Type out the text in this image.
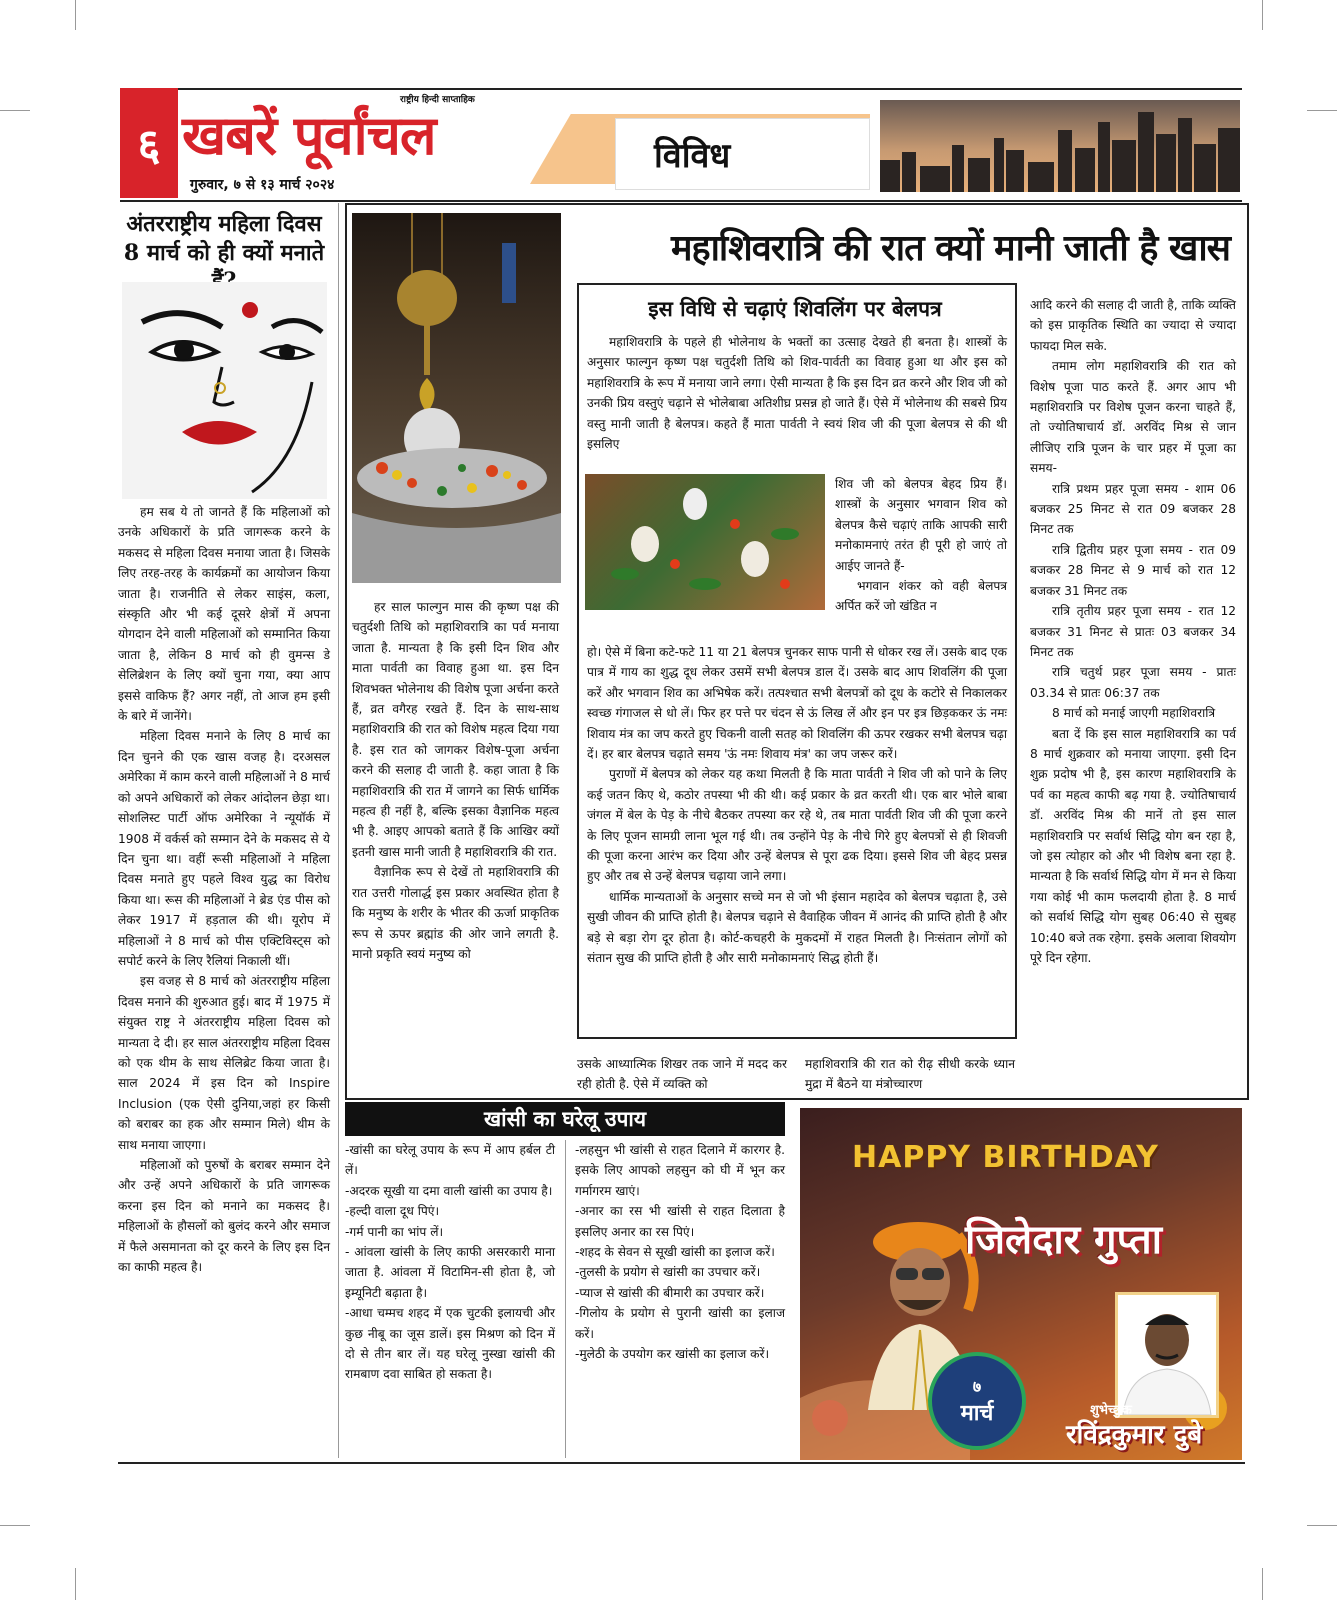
६ खबरें पूर्वांचल
राष्ट्रीय हिन्दी साप्ताहिक
गुरुवार, ७ से १३ मार्च २०२४
विविध
अंतरराष्ट्रीय महिला दिवस
8 मार्च को ही क्यों मनाते

हम सब ये तो जानते हैं कि महिलाओं को उनके अधिकारों के प्रति जागरूक करने के मकसद से महिला दिवस मनाया जाता है। जिसके लिए तरह-तरह के कार्यक्रमों का आयोजन किया जाता है। राजनीति से लेकर साइंस, कला, संस्कृति और भी कई दूसरे क्षेत्रों में अपना योगदान देने वाली महिलाओं को सम्मानित किया जाता है, लेकिन 8 मार्च को ही वुमन्स डे सेलिब्रेशन के लिए क्यों चुना गया, क्या आप इससे वाकिफ हैं? अगर नहीं, तो आज हम इसी के बारे में जानेंगे।

महिला दिवस मनाने के लिए 8 मार्च का दिन चुनने की एक खास वजह है। दरअसल अमेरिका में काम करने वाली महिलाओं ने 8 मार्च को अपने अधिकारों को लेकर आंदोलन छेड़ा था। सोशलिस्ट पार्टी ऑफ अमेरिका ने न्यूयॉर्क में 1908 में वर्कर्स को सम्मान देने के मकसद से ये दिन चुना था। वहीं रूसी महिलाओं ने महिला दिवस मनाते हुए पहले विश्व युद्ध का विरोध किया था। रूस की महिलाओं ने ब्रेड एंड पीस को लेकर 1917 में हड़ताल की थी। यूरोप में महिलाओं ने 8 मार्च को पीस एक्टिविस्ट्स को सपोर्ट करने के लिए रैलियां निकाली थीं।

इस वजह से 8 मार्च को अंतरराष्ट्रीय महिला दिवस मनाने की शुरुआत हुई। बाद में 1975 में संयुक्त राष्ट्र ने अंतरराष्ट्रीय महिला दिवस को मान्यता दे दी। हर साल अंतरराष्ट्रीय महिला दिवस को एक थीम के साथ सेलिब्रेट किया जाता है। साल 2024 में इस दिन को Inspire Inclusion (एक ऐसी दुनिया,जहां हर किसी को बराबर का हक और सम्मान मिले) थीम के साथ मनाया जाएगा।

महिलाओं को पुरुषों के बराबर सम्मान देने और उन्हें अपने अधिकारों के प्रति जागरूक करना इस दिन को मनाने का मकसद है। महिलाओं के हौसलों को बुलंद करने और समाज में फैले असमानता को दूर करने के लिए इस दिन का काफी महत्व है।

महाशिवरात्रि की रात क्यों मानी जाती है खास

हर साल फाल्गुन मास की कृष्ण पक्ष की चतुर्दशी तिथि को महाशिवरात्रि का पर्व मनाया जाता है. मान्यता है कि इसी दिन शिव और माता पार्वती का विवाह हुआ था. इस दिन शिवभक्त भोलेनाथ की विशेष पूजा अर्चना करते हैं, व्रत वगैरह रखते हैं. दिन के साथ-साथ महाशिवरात्रि की रात को विशेष महत्व दिया गया है. इस रात को जागकर विशेष-पूजा अर्चना करने की सलाह दी जाती है. कहा जाता है कि महाशिवरात्रि की रात में जागने का सिर्फ धार्मिक महत्व ही नहीं है, बल्कि इसका वैज्ञानिक महत्व भी है. आइए आपको बताते हैं कि आखिर क्यों इतनी खास मानी जाती है महाशिवरात्रि की रात.

वैज्ञानिक रूप से देखें तो महाशिवरात्रि की रात उत्तरी गोलार्द्ध इस प्रकार अवस्थित होता है कि मनुष्य के शरीर के भीतर की ऊर्जा प्राकृतिक रूप से ऊपर ब्रह्मांड की ओर जाने लगती है. मानो प्रकृति स्वयं मनुष्य को

इस विधि से चढ़ाएं शिवलिंग पर बेलपत्र

महाशिवरात्रि के पहले ही भोलेनाथ के भक्तों का उत्साह देखते ही बनता है। शास्त्रों के अनुसार फाल्गुन कृष्ण पक्ष चतुर्दशी तिथि को शिव-पार्वती का विवाह हुआ था और इस को महाशिवरात्रि के रूप में मनाया जाने लगा। ऐसी मान्यता है कि इस दिन व्रत करने और शिव जी को उनकी प्रिय वस्तुएं चढ़ाने से भोलेबाबा अतिशीघ्र प्रसन्न हो जाते हैं। ऐसे में भोलेनाथ की सबसे प्रिय वस्तु मानी जाती है बेलपत्र। कहते हैं माता पार्वती ने स्वयं शिव जी की पूजा बेलपत्र से की थी इसलिए

शिव जी को बेलपत्र बेहद प्रिय हैं। शास्त्रों के अनुसार भगवान शिव को बेलपत्र कैसे चढ़ाएं ताकि आपकी सारी मनोकामनाएं तरंत ही पूरी हो जाएं तो आईए जानते हैं-

भगवान शंकर को वही बेलपत्र अर्पित करें जो खंडित न

हो। ऐसे में बिना कटे-फटे 11 या 21 बेलपत्र चुनकर साफ पानी से धोकर रख लें। उसके बाद एक पात्र में गाय का शुद्ध दूध लेकर उसमें सभी बेलपत्र डाल दें। उसके बाद आप शिवलिंग की पूजा करें और भगवान शिव का अभिषेक करें। तत्पश्चात सभी बेलपत्रों को दूध के कटोरे से निकालकर स्वच्छ गंगाजल से धो लें। फिर हर पत्ते पर चंदन से ऊं लिख लें और इन पर इत्र छिड़ककर ऊं नमः शिवाय मंत्र का जप करते हुए चिकनी वाली सतह को शिवलिंग की ऊपर रखकर सभी बेलपत्र चढ़ा दें। हर बार बेलपत्र चढ़ाते समय 'ऊं नमः शिवाय मंत्र' का जप जरूर करें।

पुराणों में बेलपत्र को लेकर यह कथा मिलती है कि माता पार्वती ने शिव जी को पाने के लिए कई जतन किए थे, कठोर तपस्या भी की थी। कई प्रकार के व्रत करती थी। एक बार भोले बाबा जंगल में बेल के पेड़ के नीचे बैठकर तपस्या कर रहे थे, तब माता पार्वती शिव जी की पूजा करने के लिए पूजन सामग्री लाना भूल गई थी। तब उन्होंने पेड़ के नीचे गिरे हुए बेलपत्रों से ही शिवजी की पूजा करना आरंभ कर दिया और उन्हें बेलपत्र से पूरा ढक दिया। इससे शिव जी बेहद प्रसन्न हुए और तब से उन्हें बेलपत्र चढ़ाया जाने लगा।

धार्मिक मान्यताओं के अनुसार सच्चे मन से जो भी इंसान महादेव को बेलपत्र चढ़ाता है, उसे सुखी जीवन की प्राप्ति होती है। बेलपत्र चढ़ाने से वैवाहिक जीवन में आनंद की प्राप्ति होती है और बड़े से बड़ा रोग दूर होता है। कोर्ट-कचहरी के मुकदमों में राहत मिलती है। निःसंतान लोगों को संतान सुख की प्राप्ति होती है और सारी मनोकामनाएं सिद्ध होती हैं।

आदि करने की सलाह दी जाती है, ताकि व्यक्ति को इस प्राकृतिक स्थिति का ज्यादा से ज्यादा फायदा मिल सके.

तमाम लोग महाशिवरात्रि की रात को विशेष पूजा पाठ करते हैं. अगर आप भी महाशिवरात्रि पर विशेष पूजन करना चाहते हैं, तो ज्योतिषाचार्य डॉ. अरविंद मिश्र से जान लीजिए रात्रि पूजन के चार प्रहर में पूजा का समय-

रात्रि प्रथम प्रहर पूजा समय - शाम 06 बजकर 25 मिनट से रात 09 बजकर 28 मिनट तक

रात्रि द्वितीय प्रहर पूजा समय - रात 09 बजकर 28 मिनट से 9 मार्च को रात 12 बजकर 31 मिनट तक

रात्रि तृतीय प्रहर पूजा समय - रात 12 बजकर 31 मिनट से प्रातः 03 बजकर 34 मिनट तक

रात्रि चतुर्थ प्रहर पूजा समय - प्रातः 03.34 से प्रातः 06:37 तक

8 मार्च को मनाई जाएगी महाशिवरात्रि

बता दें कि इस साल महाशिवरात्रि का पर्व 8 मार्च शुक्रवार को मनाया जाएगा. इसी दिन शुक्र प्रदोष भी है, इस कारण महाशिवरात्रि के पर्व का महत्व काफी बढ़ गया है. ज्योतिषाचार्य डॉ. अरविंद मिश्र की मानें तो इस साल महाशिवरात्रि पर सर्वार्थ सिद्धि योग बन रहा है, जो इस त्योहार को और भी विशेष बना रहा है. मान्यता है कि सर्वार्थ सिद्धि योग में मन से किया गया कोई भी काम फलदायी होता है. 8 मार्च को सर्वार्थ सिद्धि योग सुबह 06:40 से सुबह 10:40 बजे तक रहेगा. इसके अलावा शिवयोग पूरे दिन रहेगा.

उसके आध्यात्मिक शिखर तक जाने में मदद कर रही होती है. ऐसे में व्यक्ति को

महाशिवरात्रि की रात को रीढ़ सीधी करके ध्यान मुद्रा में बैठने या मंत्रोच्चारण

खांसी का घरेलू उपाय

-खांसी का घरेलू उपाय के रूप में आप हर्बल टी लें।

-अदरक सूखी या दमा वाली खांसी का उपाय है।

-हल्दी वाला दूध पिएं।

-गर्म पानी का भांप लें।

- आंवला खांसी के लिए काफी असरकारी माना जाता है. आंवला में विटामिन-सी होता है, जो इम्यूनिटी बढ़ाता है।

-आधा चम्मच शहद में एक चुटकी इलायची और कुछ नीबू का जूस डालें। इस मिश्रण को दिन में दो से तीन बार लें। यह घरेलू नुस्खा खांसी की रामबाण दवा साबित हो सकता है।

-लहसुन भी खांसी से राहत दिलाने में कारगर है. इसके लिए आपको लहसुन को घी में भून कर गर्मागरम खाएं।

-अनार का रस भी खांसी से राहत दिलाता है इसलिए अनार का रस पिएं।

-शहद के सेवन से सूखी खांसी का इलाज करें।

-तुलसी के प्रयोग से खांसी का उपचार करें।

-प्याज से खांसी की बीमारी का उपचार करें।

-गिलोय के प्रयोग से पुरानी खांसी का इलाज करें।

-मुलेठी के उपयोग कर खांसी का इलाज करें।

HAPPY BIRTHDAY
जिलेदार गुप्ता
७
मार्च	शुभेच्छुक
रविंद्रकुमार दुबे
